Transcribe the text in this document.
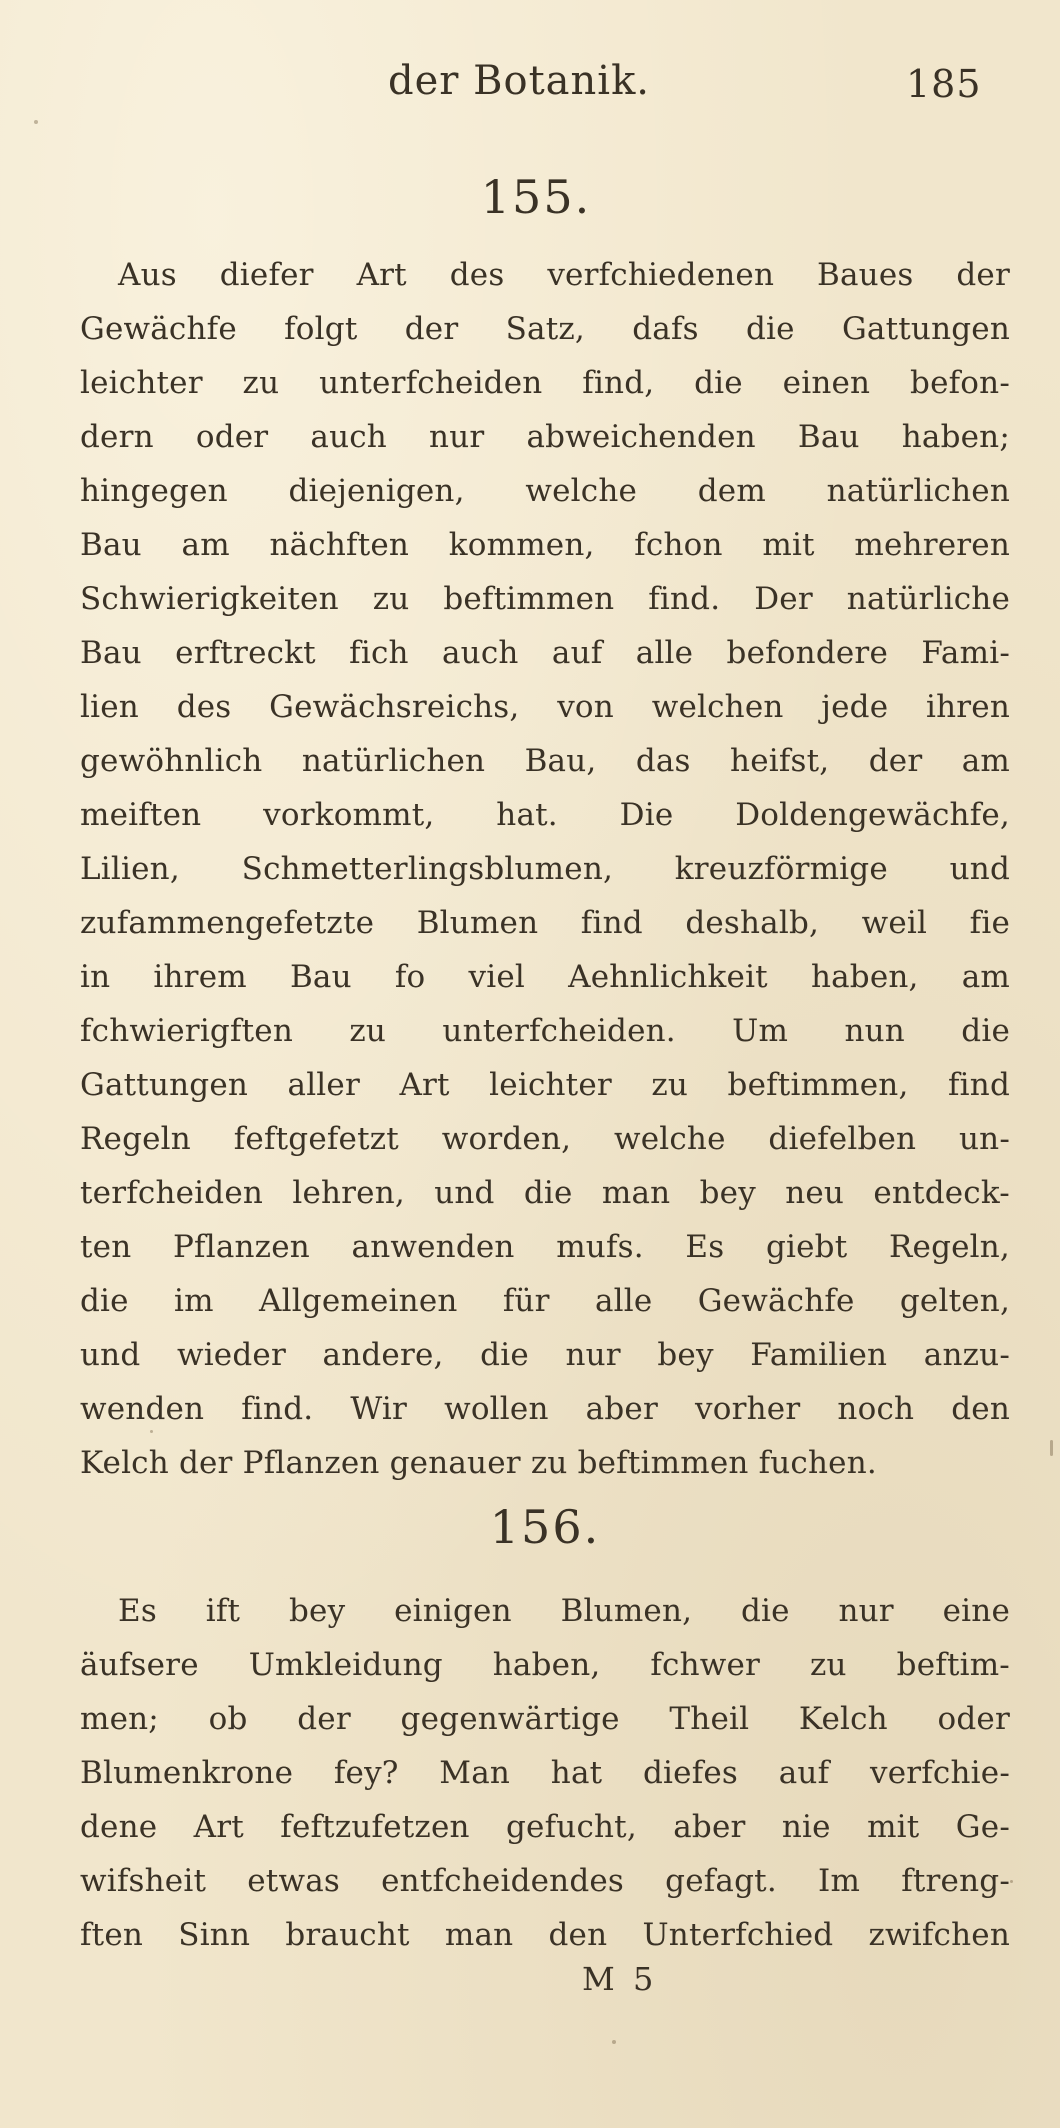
der Botanik.	185
155.
Aus diefer Art des verfchiedenen Baues der
Gewächfe folgt der Satz, dafs die Gattungen
leichter zu unterfcheiden find, die einen befon-
dern oder auch nur abweichenden Bau haben;
hingegen diejenigen, welche dem natürlichen
Bau am nächften kommen, fchon mit mehreren
Schwierigkeiten zu beftimmen find. Der natürliche
Bau erftreckt fich auch auf alle befondere Fami-
lien des Gewächsreichs, von welchen jede ihren
gewöhnlich natürlichen Bau, das heifst, der am
meiften vorkommt, hat. Die Doldengewächfe,
Lilien, Schmetterlingsblumen, kreuzförmige und
zufammengefetzte Blumen find deshalb, weil fie
in ihrem Bau fo viel Aehnlichkeit haben, am
fchwierigften zu unterfcheiden. Um nun die
Gattungen aller Art leichter zu beftimmen, find
Regeln feftgefetzt worden, welche diefelben un-
terfcheiden lehren, und die man bey neu entdeck-
ten Pflanzen anwenden mufs. Es giebt Regeln,
die im Allgemeinen für alle Gewächfe gelten,
und wieder andere, die nur bey Familien anzu-
wenden find. Wir wollen aber vorher noch den
Kelch der Pflanzen genauer zu beftimmen fuchen.
156.
Es ift bey einigen Blumen, die nur eine
äufsere Umkleidung haben, fchwer zu beftim-
men; ob der gegenwärtige Theil Kelch oder
Blumenkrone fey? Man hat diefes auf verfchie-
dene Art feftzufetzen gefucht, aber nie mit Ge-
wifsheit etwas entfcheidendes gefagt. Im ftreng-
ften Sinn braucht man den Unterfchied zwifchen
M 5
